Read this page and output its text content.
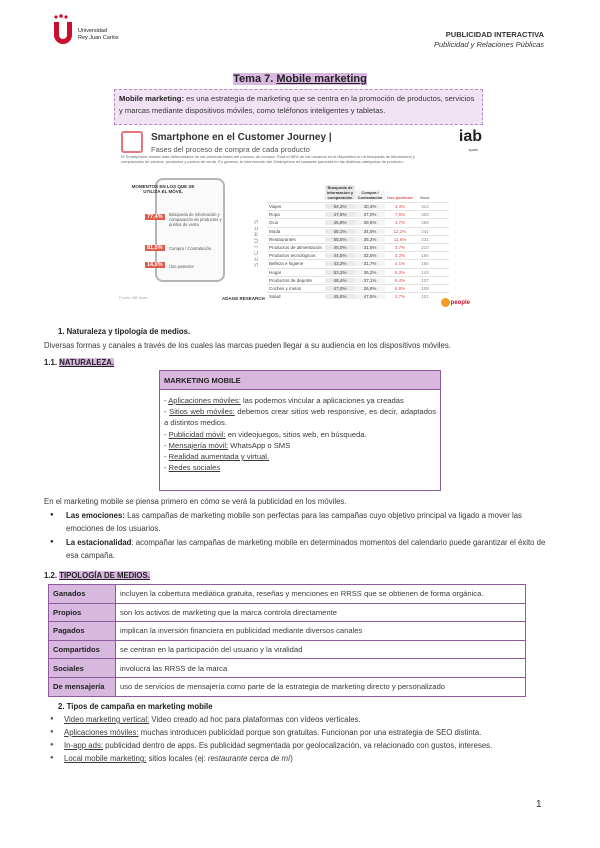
Universidad
Rey Juan Carlos	PUBLICIDAD INTERACTIVA
Publicidad y Relaciones Públicas
Tema 7. Mobile marketing
Mobile marketing: es una estrategia de marketing que se centra en la promoción de productos, servicios y marcas mediante dispositivos móviles, como teléfonos inteligentes y tabletas.
Smartphone en el Customer Journey |
Fases del proceso de compra de cada producto
iab
spain
El Smartphone resulta más determinante en las primeras fases del proceso de compra. Para el 85% de los usuarios es el dispositivo en la búsqueda de información y comparación de precios, productos y puntos de venta. En general, la intervención del Smartphone es bastante parecida en las distintas categorías de producto.
MOMENTOS EN LOS QUE SE UTILIZA EL MÓVIL
77,4%	Búsqueda de información y comparación de productos y puntos de venta
81,5%	Compra / Contratación
14,0%	Uso posterior	SECTORES
Búsqueda de información y comparación
Compra / Contratación	Uso posterior	Base
Viajes	54,2%	30,3%	4,3%	314
Ropa	47,6%	37,0%	7,6%	302
Ocio	46,8%	39,5%	4,7%	255
Moda	55,1%	34,0%	12,2%	241
Restaurantes	55,5%	35,2%	11,6%	231
Productos de alimentación	45,0%	31,5%	3,7%	210
Productos tecnológicos	44,5%	32,5%	3,3%	160
Belleza e higiene	43,3%	31,7%	4,1%	160
Hogar	53,3%	36,2%	5,3%	142
Productos de deporte	48,4%	37,1%	5,4%	127
Coches y motos	47,0%	26,9%	6,9%	108
Salud	45,5%	47,5%	3,7%	101
Fuente: IAB Spain	ADAGE RESEARCH
people
1. Naturaleza y tipología de medios.
Diversas formas y canales a través de los cuales las marcas pueden llegar a su audiencia en los dispositivos móviles.
1.1. NATURALEZA.
MARKETING MOBILE
- Aplicaciones móviles: las podemos vincular a aplicaciones ya creadas
- Sitios web móviles: debemos crear sitios web responsive, es decir, adaptados a distintos medios.
- Publicidad móvil: en videojuegos, sitios web, en búsqueda.
- Mensajería móvil: WhatsApp o SMS
- Realidad aumentada y virtual.
- Redes sociales
En el marketing mobile se piensa primero en cómo se verá la publicidad en los móviles.
● Las emociones: Las campañas de marketing mobile son perfectas para las campañas cuyo objetivo principal va ligado a mover las emociones de los usuarios.
● La estacionalidad: acompañar las campañas de marketing mobile en determinados momentos del calendario puede garantizar el éxito de esa campaña.
1.2. TIPOLOGÍA DE MEDIOS.
Ganados	incluyen la cobertura mediática gratuita, reseñas y menciones en RRSS que se obtienen de forma orgánica.
Propios	son los activos de marketing que la marca controla directamente
Pagados	implican la inversión financiera en publicidad mediante diversos canales
Compartidos	se centran en la participación del usuario y la viralidad
Sociales	involucra las RRSS de la marca
De mensajería	uso de servicios de mensajería como parte de la estrategia de marketing directo y personalizado
2. Tipos de campaña en marketing mobile
● Video marketing vertical: Video creado ad hoc para plataformas con vídeos verticales.
● Aplicaciones móviles: muchas introducen publicidad porque son gratuitas. Funcionan por una estrategia de SEO distinta.
● In-app ads: publicidad dentro de apps. Es publicidad segmentada por geolocalización, va relacionado con gustos, intereses.
● Local mobile marketing: sitios locales (ej: restaurante cerca de mí)
1
